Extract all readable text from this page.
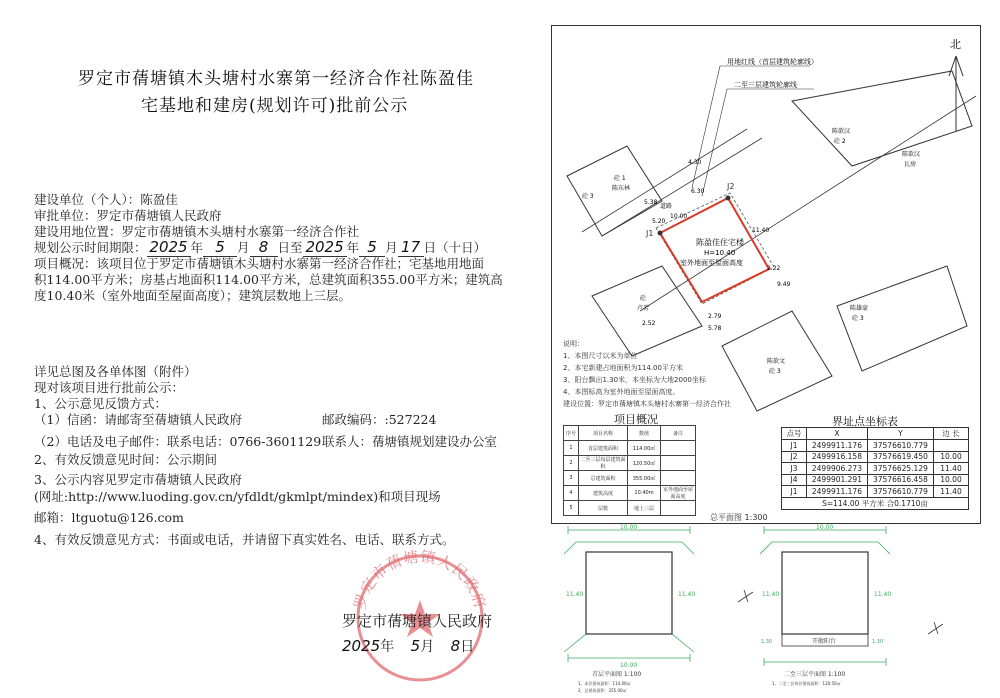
罗定市蒨塘镇木头塘村水寨第一经济合作社陈盈佳
宅基地和建房(规划许可)批前公示
建设单位（个人）：陈盈佳
审批单位：罗定市蒨塘镇人民政府
建设用地位置：罗定市蒨塘镇木头塘村水寨第一经济合作社
规划公示时间期限： 2025 年 5 月 8 日至 2025 年 5 月 17 日（十日）
项目概况：该项目位于罗定市蒨塘镇木头塘村水寨第一经济合作社；宅基地用地面
积114.00平方米；房基占地面积114.00平方米，总建筑面积355.00平方米；建筑高
度10.40米（室外地面至屋面高度）；建筑层数地上三层。
详见总图及各单体图（附件）
现对该项目进行批前公示：
1、公示意见反馈方式：
（1）信函：请邮寄至蒨塘镇人民政府	邮政编码：:527224
（2）电话及电子邮件：联系电话：0766-3601129 联系人：蒨塘镇规划建设办公室
2、有效反馈意见时间：公示期间
3、公示内容见罗定市蒨塘镇人民政府
(网址:http://www.luoding.gov.cn/yfdldt/gkmlpt/mindex)和项目现场
邮箱：ltguotu@126.com
4、有效反馈意见方式：书面或电话，并请留下真实姓名、电话、联系方式。
罗定市蒨塘镇人民政府
罗定市蒨塘镇人民政府
2025年 5月 8日
北
用地红线（首层建筑轮廓线）
二至三层建筑轮廓线
砼 1
陈东林
砼 3
陈欲汉
砼 2
陈欲汉
瓦房
砼
卢芳	陈雄豪
砼 3
陈欲文
砼 3
J1
J2
陈盈佳住宅楼
H=10.40
室外地面至屋面高度
道路
4.30
6.30
5.38
5.20
2.22
9.49
2.79
5.78
2.52
10.00
11.40
说明：
1、本图尺寸以米为单位
2、本宅新建占地面积为114.00平方米
3、阳台飘出1.30米，本坐标为大地2000坐标
4、本图标高为室外地面至屋面高度。
建设位置：罗定市蒨塘镇木头塘村水寨第一经济合作社
项目概况
序号	项目名称	数值	备注
1	首层建筑面积	114.00㎡	
2	二至三层每层建筑面积	120.50㎡	
3	总建筑面积	355.00㎡	
4	建筑高度	10.40m	室外地面至屋面高度
5	层数	地上三层	
界址点坐标表
点号	X	Y	边 长
J1	2499911.176	37576610.779	
J2	2499916.158	37576619.450	10.00
J3	2499906.273	37576625.129	11.40
J4	2499901.291	37576616.458	10.00
J1	2499911.176	37576610.779	11.40
S=114.00 平方米 合0.1710亩			
总平面图 1:300
10.00
10.00
11.40	11.40
首层平面图 1:100
1、本层建筑面积：114.00㎡
2、总建筑面积：355.00㎡
开敞阳台
1.30	1.30
10.00
11.40	11.40
二至三层平面图 1:100
1、二至三层每层建筑面积：120.50㎡
